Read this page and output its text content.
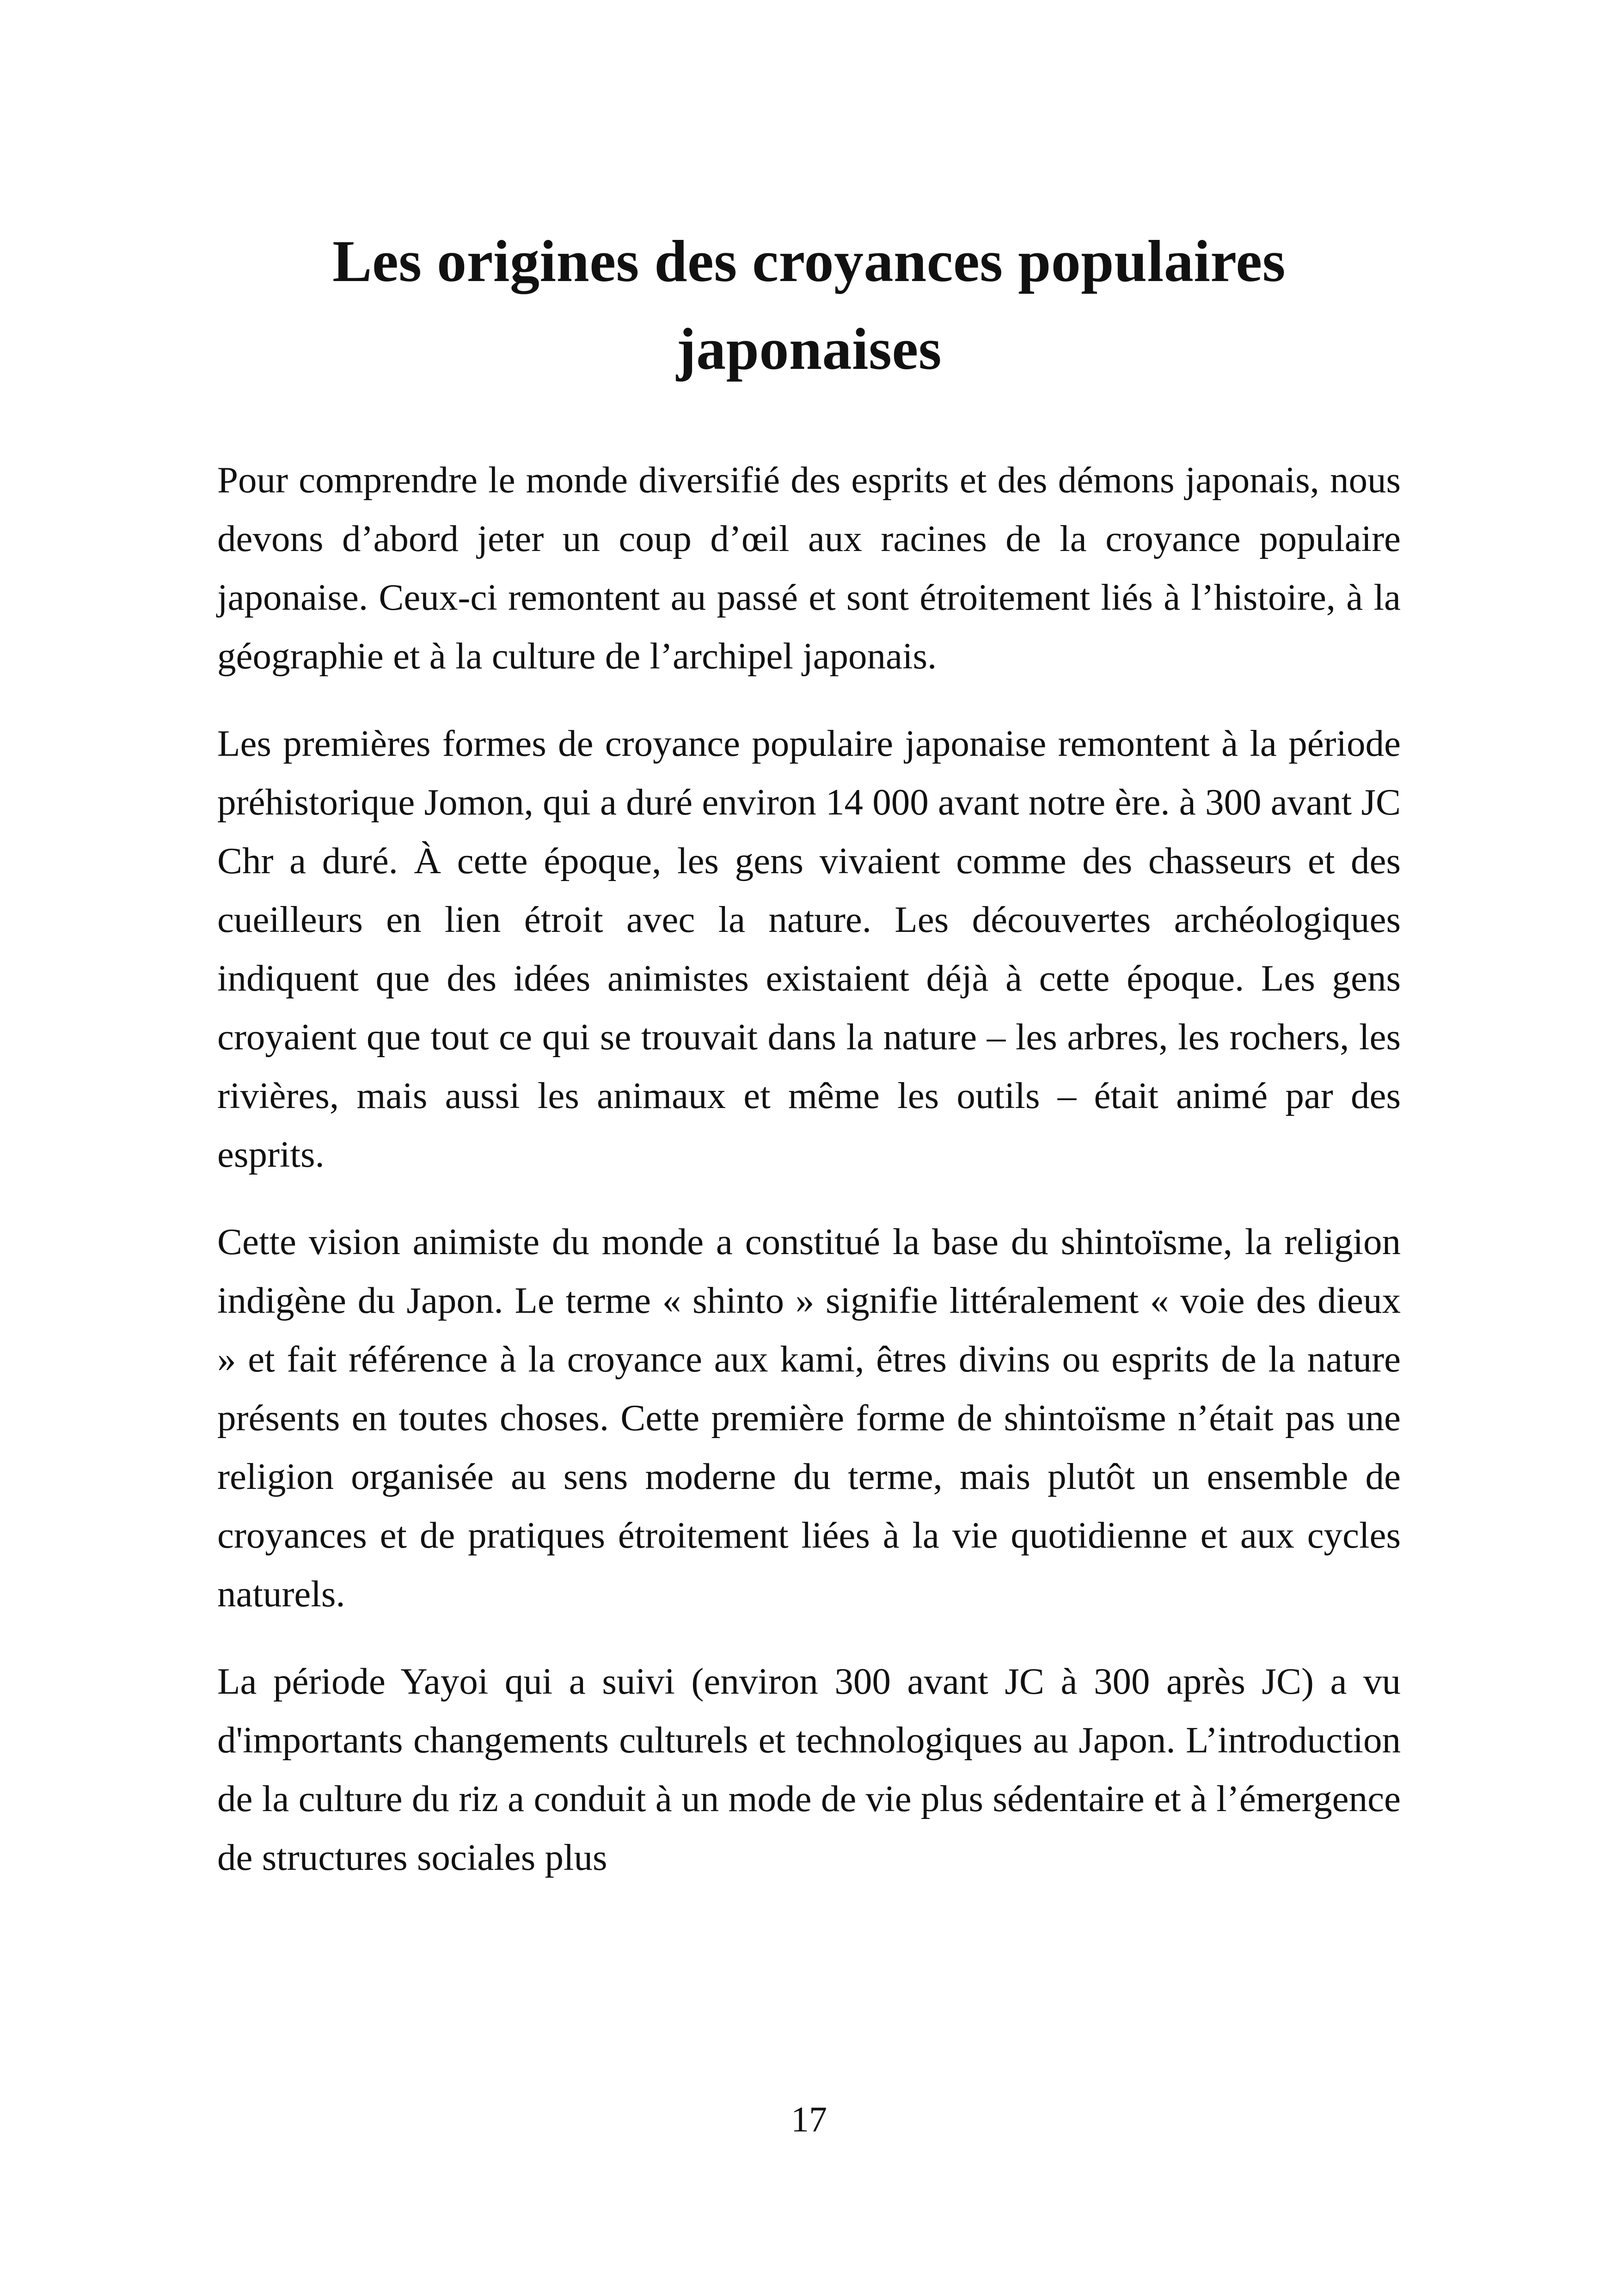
Les origines des croyances populaires japonaises

Pour comprendre le monde diversifié des esprits et des démons japonais, nous devons d’abord jeter un coup d’œil aux racines de la croyance populaire japonaise. Ceux-ci remontent au passé et sont étroitement liés à l’histoire, à la géographie et à la culture de l’archipel japonais.

Les premières formes de croyance populaire japonaise remontent à la période préhistorique Jomon, qui a duré environ 14 000 avant notre ère. à 300 avant JC Chr a duré. À cette époque, les gens vivaient comme des chasseurs et des cueilleurs en lien étroit avec la nature. Les découvertes archéologiques indiquent que des idées animistes existaient déjà à cette époque. Les gens croyaient que tout ce qui se trouvait dans la nature – les arbres, les rochers, les rivières, mais aussi les animaux et même les outils – était animé par des esprits.

Cette vision animiste du monde a constitué la base du shintoïsme, la religion indigène du Japon. Le terme « shinto » signifie littéralement « voie des dieux » et fait référence à la croyance aux kami, êtres divins ou esprits de la nature présents en toutes choses. Cette première forme de shintoïsme n’était pas une religion organisée au sens moderne du terme, mais plutôt un ensemble de croyances et de pratiques étroitement liées à la vie quotidienne et aux cycles naturels.

La période Yayoi qui a suivi (environ 300 avant JC à 300 après JC) a vu d'importants changements culturels et technologiques au Japon. L’introduction de la culture du riz a conduit à un mode de vie plus sédentaire et à l’émergence de structures sociales plus

17
